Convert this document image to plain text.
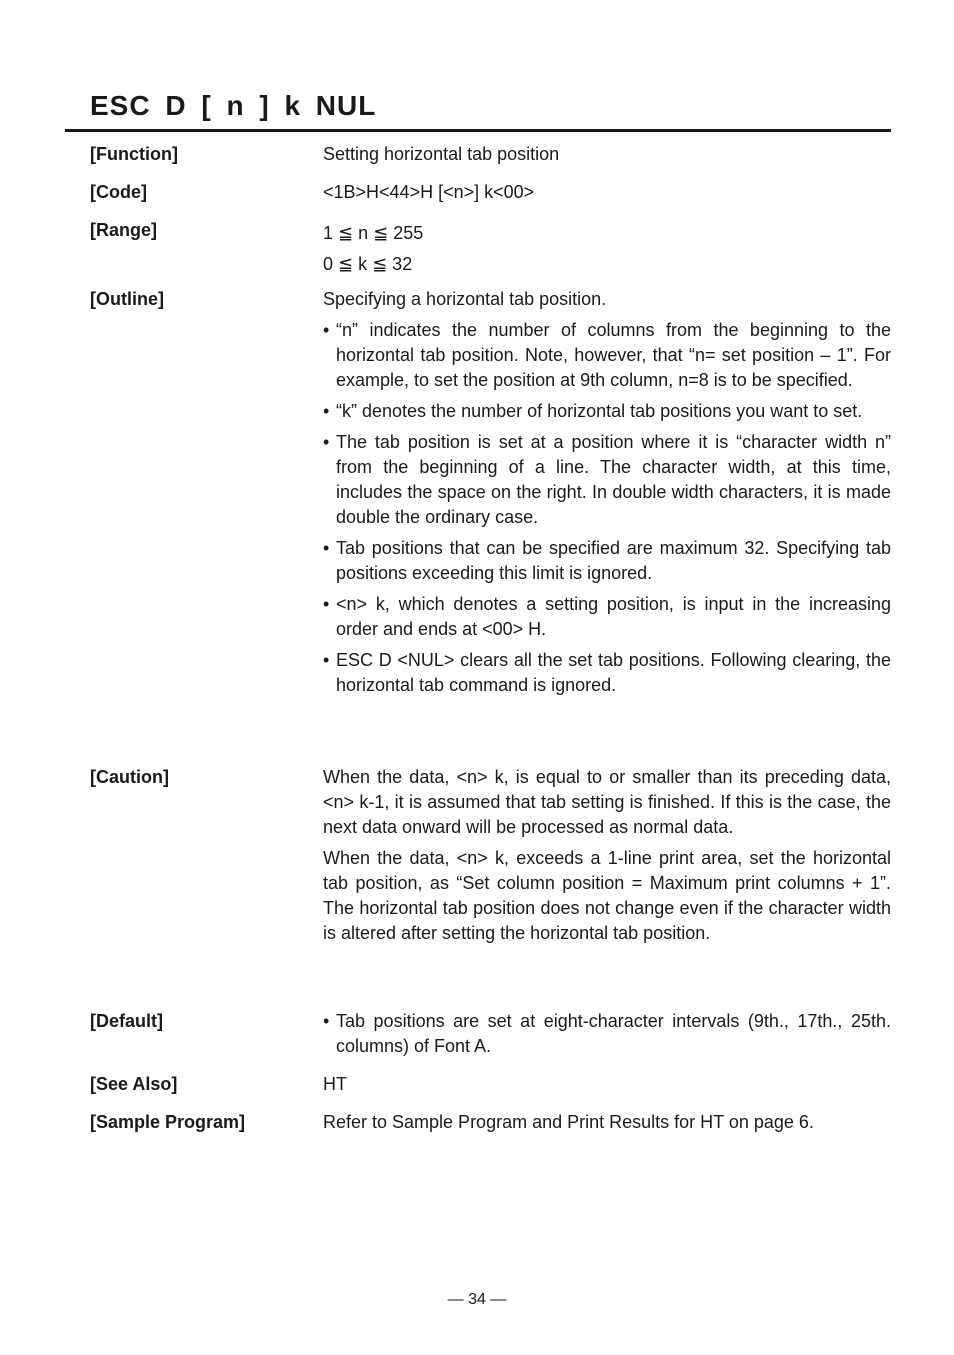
ESC D [ n ] k NUL
[Function]	Setting horizontal tab position
[Code]	<1B>H<44>H [<n>] k<00>
[Range]	1 ≦ n ≦ 255
0 ≦ k ≦ 32
[Outline]	Specifying a horizontal tab position.
• “n” indicates the number of columns from the beginning to the horizontal tab position. Note, however, that “n= set position – 1”. For example, to set the position at 9th column, n=8 is to be specified.
• “k” denotes the number of horizontal tab positions you want to set.
• The tab position is set at a position where it is “character width n” from the beginning of a line. The character width, at this time, includes the space on the right. In double width characters, it is made double the ordinary case.
• Tab positions that can be specified are maximum 32. Specifying tab positions exceeding this limit is ignored.
• <n> k, which denotes a setting position, is input in the increasing order and ends at <00> H.
• ESC D <NUL> clears all the set tab positions. Following clearing, the horizontal tab command is ignored.
[Caution]	When the data, <n> k, is equal to or smaller than its preceding data, <n> k-1, it is assumed that tab setting is finished. If this is the case, the next data onward will be processed as normal data.
When the data, <n> k, exceeds a 1-line print area, set the horizontal tab position, as “Set column position = Maximum print columns + 1”. The horizontal tab position does not change even if the character width is altered after setting the horizontal tab position.
[Default]
•	Tab positions are set at eight-character intervals (9th., 17th., 25th. columns) of Font A.
[See Also]	HT
[Sample Program]	Refer to Sample Program and Print Results for HT on page 6.
— 34 —
